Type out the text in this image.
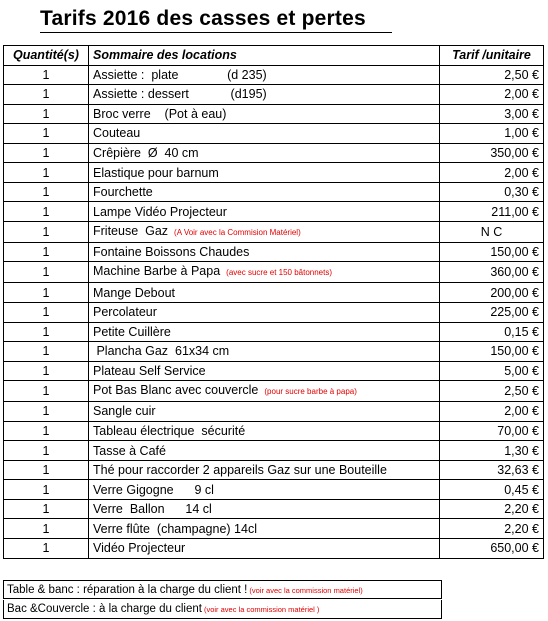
Tarifs 2016 des casses et pertes
Quantité(s)	Sommaire des locations	Tarif /unitaire
1	Assiette :  plate              (d 235)	2,50 €
1	Assiette : dessert            (d195)	2,00 €
1	Broc verre    (Pot à eau)	3,00 €
1	Couteau	1,00 €
1	Crêpière  Ø  40 cm	350,00 €
1	Elastique pour barnum	2,00 €
1	Fourchette	0,30 €
1	Lampe Vidéo Projecteur	211,00 €
1	Friteuse  Gaz (A Voir avec la Commision Matériel)	N C
1	Fontaine Boissons Chaudes	150,00 €
1	Machine Barbe à Papa (avec sucre et 150 bâtonnets)	360,00 €
1	Mange Debout	200,00 €
1	Percolateur	225,00 €
1	Petite Cuillère	0,15 €
1	Plancha Gaz  61x34 cm	150,00 €
1	Plateau Self Service	5,00 €
1	Pot Bas Blanc avec couvercle (pour sucre barbe à papa)	2,50 €
1	Sangle cuir	2,00 €
1	Tableau électrique  sécurité	70,00 €
1	Tasse à Café	1,30 €
1	Thé pour raccorder 2 appareils Gaz sur une Bouteille	32,63 €
1	Verre Gigogne      9 cl	0,45 €
1	Verre  Ballon      14 cl	2,20 €
1	Verre flûte  (champagne) 14cl	2,20 €
1	Vidéo Projecteur	650,00 €
Table & banc : réparation à la charge du client ! (voir avec la commission matériel)
Bac &Couvercle : à la charge du client (voir avec la commission matériel )
